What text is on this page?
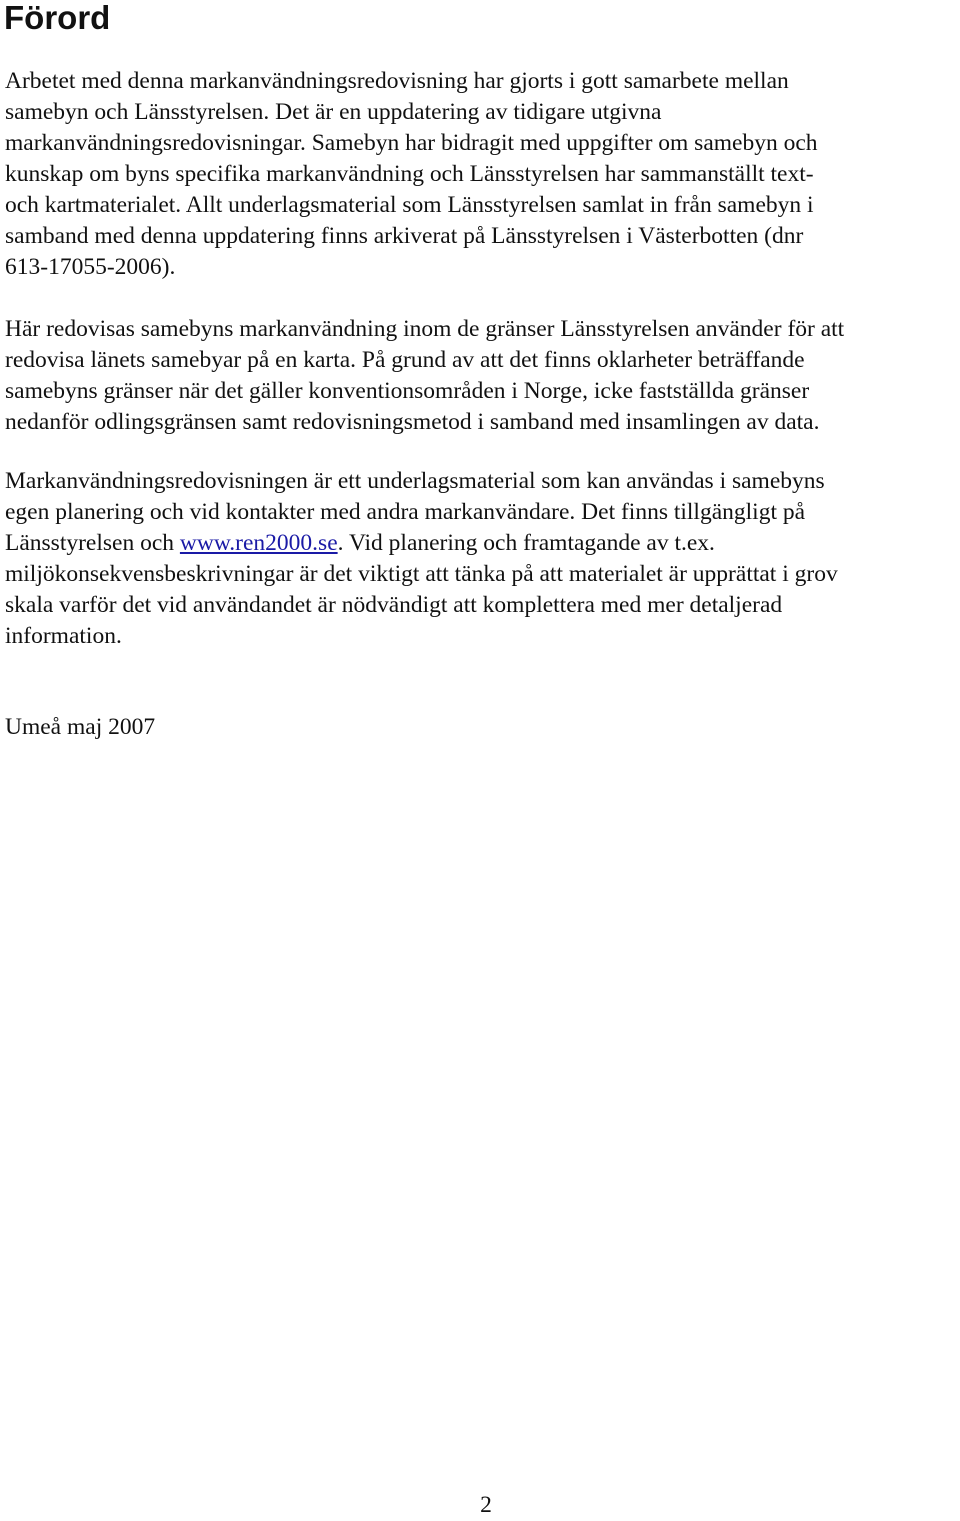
Förord

Arbetet med denna markanvändningsredovisning har gjorts i gott samarbete mellan
samebyn och Länsstyrelsen. Det är en uppdatering av tidigare utgivna
markanvändningsredovisningar. Samebyn har bidragit med uppgifter om samebyn och
kunskap om byns specifika markanvändning och Länsstyrelsen har sammanställt text-
och kartmaterialet. Allt underlagsmaterial som Länsstyrelsen samlat in från samebyn i
samband med denna uppdatering finns arkiverat på Länsstyrelsen i Västerbotten (dnr
613-17055-2006).

Här redovisas samebyns markanvändning inom de gränser Länsstyrelsen använder för att
redovisa länets samebyar på en karta. På grund av att det finns oklarheter beträffande
samebyns gränser när det gäller konventionsområden i Norge, icke fastställda gränser
nedanför odlingsgränsen samt redovisningsmetod i samband med insamlingen av data.

Markanvändningsredovisningen är ett underlagsmaterial som kan användas i samebyns
egen planering och vid kontakter med andra markanvändare. Det finns tillgängligt på
Länsstyrelsen och www.ren2000.se. Vid planering och framtagande av t.ex.
miljökonsekvensbeskrivningar är det viktigt att tänka på att materialet är upprättat i grov
skala varför det vid användandet är nödvändigt att komplettera med mer detaljerad
information.

Umeå maj 2007

2
